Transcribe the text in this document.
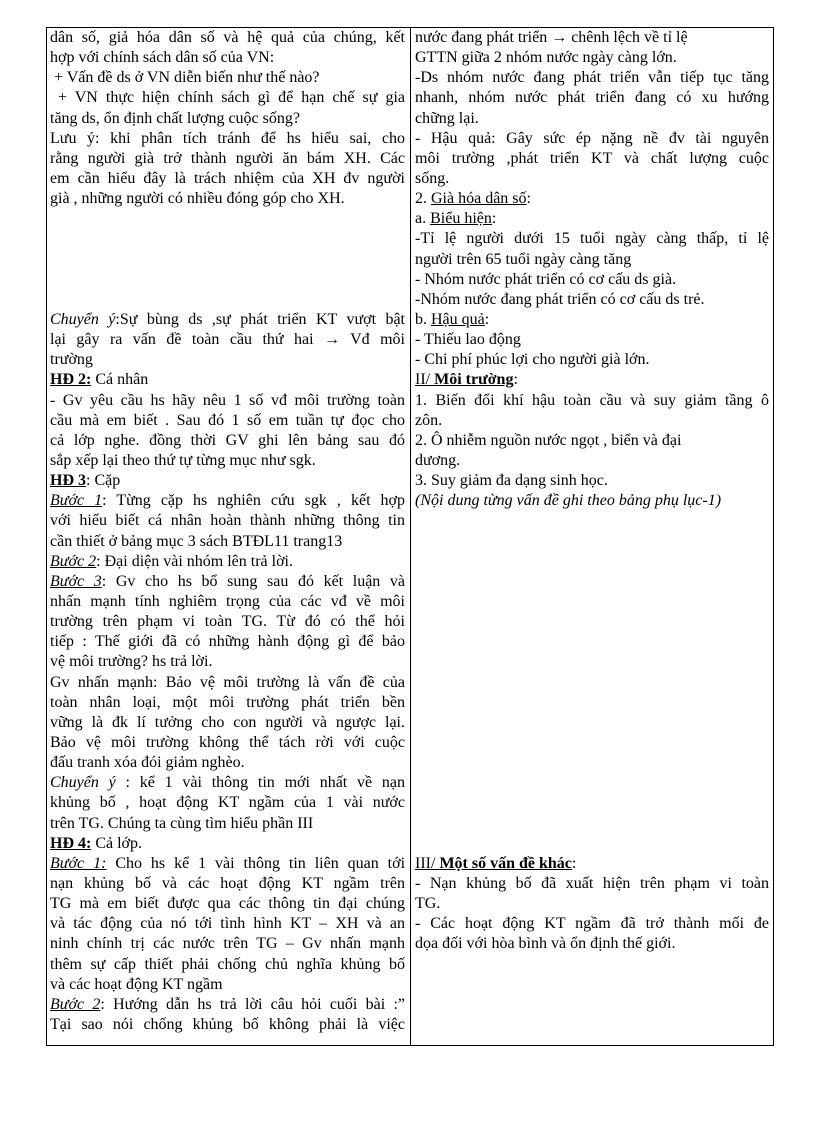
dân số, giả hóa dân số và hệ quả của chúng, kết
hợp với chính sách dân số của VN:
+ Vấn đề ds ở VN diễn biến như thế nào?
+ VN thực hiện chính sách gì để hạn chế sự gia
tăng ds, ổn định chất lượng cuộc sống?
Lưu ý: khi phân tích tránh để hs hiểu sai, cho
rằng người già trở thành người ăn bám XH. Các
em cần hiểu đây là trách nhiệm của XH đv người
già , những người có nhiều đóng góp cho XH.
Chuyển ý:Sự bùng ds ,sự phát triển KT vượt bật
lại gây ra vấn đề toàn cầu thứ hai → Vđ môi
trường
HĐ 2: Cá nhân
- Gv yêu cầu hs hãy nêu 1 số vđ môi trường toàn
cầu mà em biết . Sau đó 1 số em tuần tự đọc cho
cả lớp nghe. đồng thời GV ghi lên bảng sau đó
sắp xếp lại theo thứ tự từng mục như sgk.
HĐ 3: Cặp
Bước 1: Từng cặp hs nghiên cứu sgk , kết hợp
với hiểu biết cá nhân hoàn thành những thông tin
cần thiết ở bảng mục 3 sách BTĐL11 trang13
Bước 2: Đại diện vài nhóm lên trả lời.
Bước 3: Gv cho hs bổ sung sau đó kết luận và
nhấn mạnh tính nghiêm trọng của các vđ về môi
trường trên phạm vi toàn TG. Từ đó có thể hỏi
tiếp : Thế giới đã có những hành động gì để bảo
vệ môi trường? hs trả lời.
Gv nhấn mạnh: Bảo vệ môi trường là vấn đề của
toàn nhân loại, một môi trường phát triển bền
vững là đk lí tưởng cho con người và ngược lại.
Bảo vệ môi trường không thể tách rời với cuộc
đấu tranh xóa đói giảm nghèo.
Chuyển ý : kể 1 vài thông tin mới nhất về nạn
khủng bố , hoạt động KT ngầm của 1 vài nước
trên TG. Chúng ta cùng tìm hiểu phần III
HĐ 4: Cả lớp.
Bước 1: Cho hs kể 1 vài thông tin liên quan tới
nạn khủng bố và các hoạt động KT ngầm trên
TG mà em biết được qua các thông tin đại chúng
và tác động của nó tới tình hình KT – XH và an
ninh chính trị các nước trên TG – Gv nhấn mạnh
thêm sự cấp thiết phải chống chủ nghĩa khủng bố
và các hoạt động KT ngầm
Bước 2: Hướng dẫn hs trả lời câu hỏi cuối bài :”
Tại sao nói chống khủng bố không phải là việc
nước đang phát triển → chênh lệch về tỉ lệ
GTTN giữa 2 nhóm nước ngày càng lớn.
-Ds nhóm nước đang phát triển vẫn tiếp tục tăng
nhanh, nhóm nước phát triển đang có xu hướng
chững lại.
- Hậu quả: Gây sức ép nặng nề đv tài nguyên
môi trường ,phát triển KT và chất lượng cuộc
sống.
2. Già hóa dân số:
a. Biểu hiện:
-Tỉ lệ người dưới 15 tuổi ngày càng thấp, tỉ lệ
người trên 65 tuổi ngày càng tăng
- Nhóm nước phát triển có cơ cấu ds già.
-Nhóm nước đang phát triển có cơ cấu ds trẻ.
b. Hậu quả:
- Thiếu lao động
- Chi phí phúc lợi cho người già lớn.
II/ Môi trường:
1. Biến đổi khí hậu toàn cầu và suy giảm tầng ô
zôn.
2. Ô nhiễm nguồn nước ngọt , biển và đại
dương.
3. Suy giảm đa dạng sinh học.
(Nội dung từng vấn đề ghi theo bảng phụ lục-1)
III/ Một số vấn đề khác:
- Nạn khủng bố đã xuất hiện trên phạm vi toàn
TG.
- Các hoạt động KT ngầm đã trở thành mối đe
dọa đối với hòa bình và ổn định thế giới.
